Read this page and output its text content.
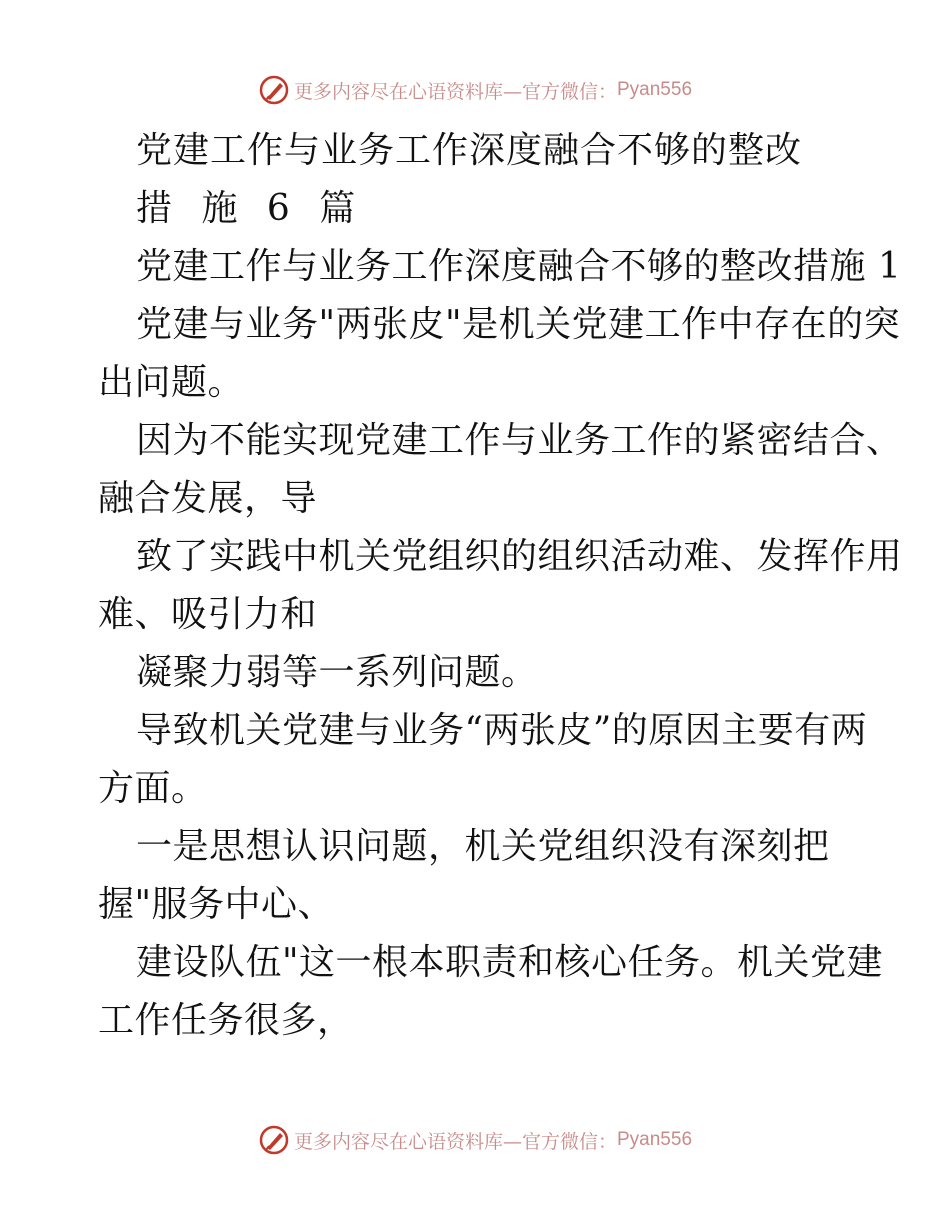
更多内容尽在心语资料库—官方微信： Pyan556
党建工作与业务工作深度融合不够的整改
措 施 6 篇
党建工作与业务工作深度融合不够的整改措施 1
党建与业务"两张皮"是机关党建工作中存在的突
出问题。
因为不能实现党建工作与业务工作的紧密结合、
融合发展，导
致了实践中机关党组织的组织活动难、发挥作用
难、吸引力和
凝聚力弱等一系列问题。
导致机关党建与业务“两张皮”的原因主要有两
方面。
一是思想认识问题，机关党组织没有深刻把
握"服务中心、
建设队伍"这一根本职责和核心任务。机关党建
工作任务很多，
更多内容尽在心语资料库—官方微信： Pyan556
